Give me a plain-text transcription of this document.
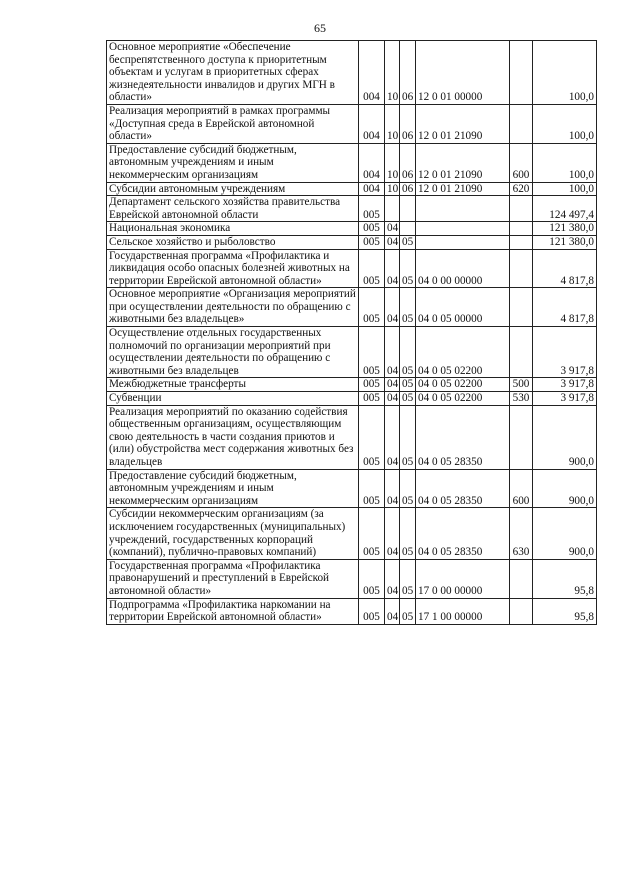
65
Основное мероприятие «Обеспечение беспрепятственного доступа к приоритетным объектам и услугам в приоритетных сферах жизнедеятельности инвалидов и других МГН в области»	004	10	06	12 0 01 00000		100,0
Реализация мероприятий в рамках программы «Доступная среда в Еврейской автономной области»	004	10	06	12 0 01 21090		100,0
Предоставление субсидий бюджетным, автономным учреждениям и иным некоммерческим организациям	004	10	06	12 0 01 21090	600	100,0
Субсидии автономным учреждениям	004	10	06	12 0 01 21090	620	100,0
Департамент сельского хозяйства правительства Еврейской автономной области	005					124 497,4
Национальная экономика	005	04				121 380,0
Сельское хозяйство и рыболовство	005	04	05			121 380,0
Государственная программа «Профилактика и ликвидация особо опасных болезней животных на территории Еврейской автономной области»	005	04	05	04 0 00 00000		4 817,8
Основное мероприятие «Организация мероприятий при осуществлении деятельности по обращению с животными без владельцев»	005	04	05	04 0 05 00000		4 817,8
Осуществление отдельных государственных полномочий по организации мероприятий при осуществлении деятельности по обращению с животными без владельцев	005	04	05	04 0 05 02200		3 917,8
Межбюджетные трансферты	005	04	05	04 0 05 02200	500	3 917,8
Субвенции	005	04	05	04 0 05 02200	530	3 917,8
Реализация мероприятий по оказанию содействия общественным организациям, осуществляющим свою деятельность в части создания приютов и (или) обустройства мест содержания животных без владельцев	005	04	05	04 0 05 28350		900,0
Предоставление субсидий бюджетным, автономным учреждениям и иным некоммерческим организациям	005	04	05	04 0 05 28350	600	900,0
Субсидии некоммерческим организациям (за исключением государственных (муниципальных) учреждений, государственных корпораций (компаний), публично-правовых компаний)	005	04	05	04 0 05 28350	630	900,0
Государственная программа «Профилактика правонарушений и преступлений в Еврейской автономной области»	005	04	05	17 0 00 00000		95,8
Подпрограмма «Профилактика наркомании на территории Еврейской автономной области»	005	04	05	17 1 00 00000		95,8
